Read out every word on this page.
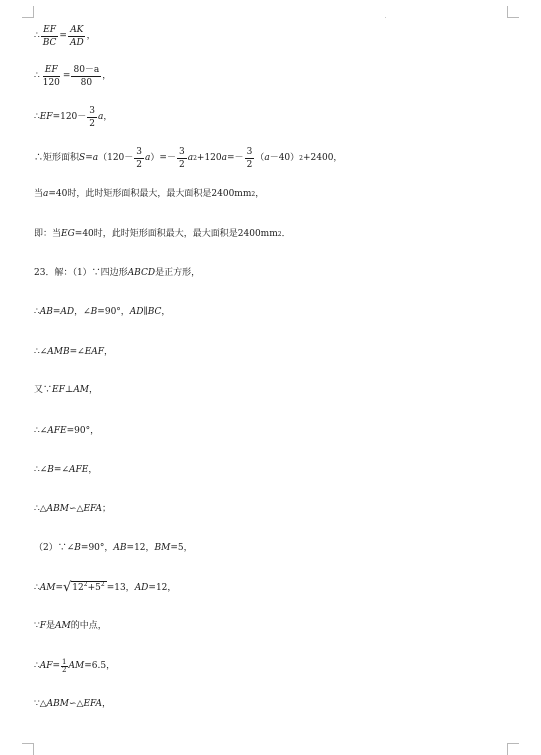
∴ $\frac{EF}{BC} = \frac{AK}{AD}$ ，
∴ $\frac{EF}{120} = \frac{80-a}{80}$ ，
∴ EF $=120- \frac{3}{2}$ a ，
∴矩形面积 S = a （$120- \frac{3}{2}$ a ） =－ $\frac{3}{2}$ a 2 +120 $a =- \frac{3}{2}$ （ a －40） 2 +2400，
当 a =40时，此时矩形面积最大，最大面积是2400mm 2 ，
即：当 EG =40时，此时矩形面积最大，最大面积是2400mm 2 ．
23．解：（1）∵四边形 ABCD 是正方形，
∴ AB = AD ，∠ B =90°， AD ∥ BC ，
∴∠ AMB =∠ EAF ，
又∵ EF ⊥ AM ，
∴∠ AFE =90°，
∴∠ B =∠ AFE ，
∴△ ABM ∽△ EFA ；
（2）∵∠ B =90°， AB =12， BM =5，
∴ AM = √ $12^2+5^2 =13$， AD =12，
∵ F 是 AM 的中点，
∴ AF = $\frac{1}{2}$ AM =6.5，
∵△ ABM ∽△ EFA ，
